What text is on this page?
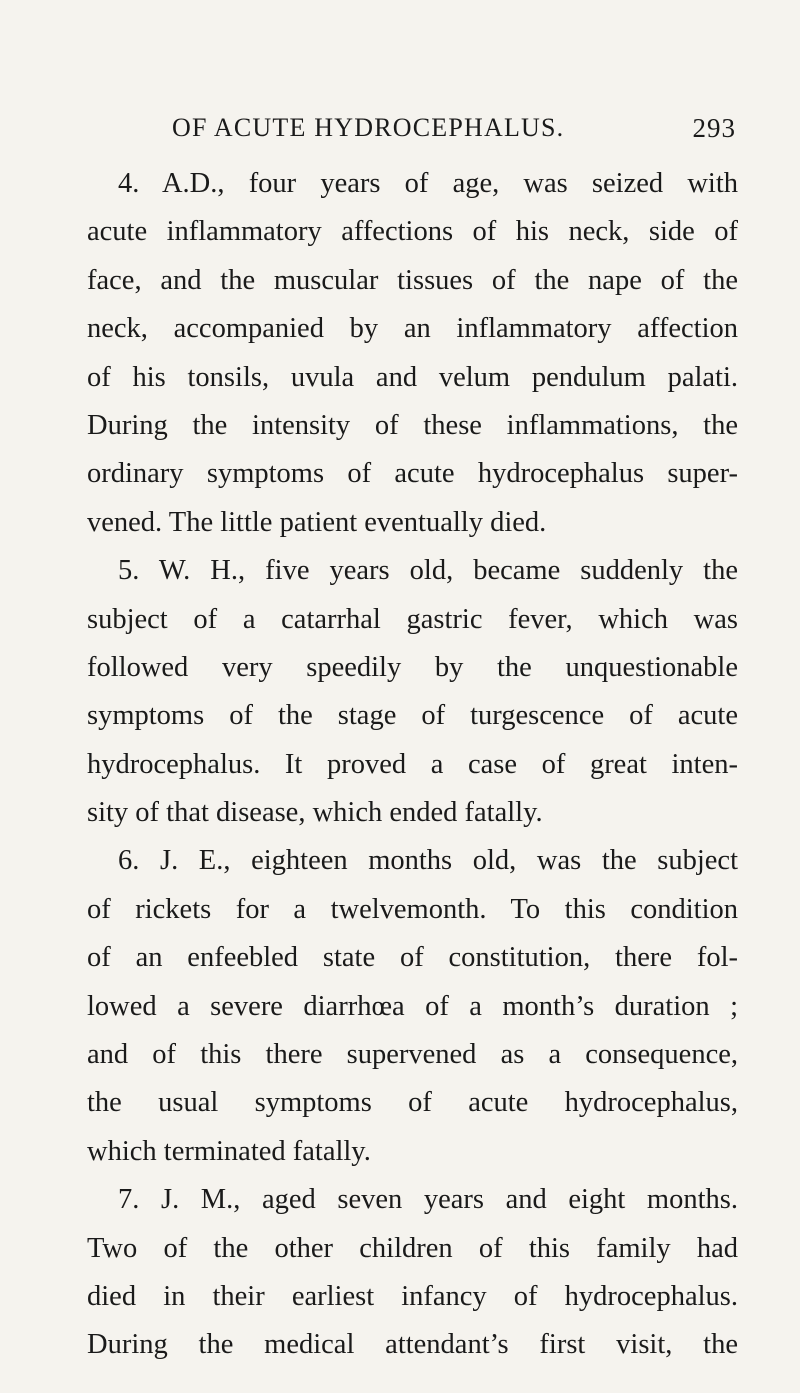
OF ACUTE HYDROCEPHALUS.	293
4. A.D., four years of age, was seized with
acute inflammatory affections of his neck, side of
face, and the muscular tissues of the nape of the
neck, accompanied by an inflammatory affection
of his tonsils, uvula and velum pendulum palati.
During the intensity of these inflammations, the
ordinary symptoms of acute hydrocephalus super-
vened. The little patient eventually died.
5. W. H., five years old, became suddenly the
subject of a catarrhal gastric fever, which was
followed very speedily by the unquestionable
symptoms of the stage of turgescence of acute
hydrocephalus. It proved a case of great inten-
sity of that disease, which ended fatally.
6. J. E., eighteen months old, was the subject
of rickets for a twelvemonth. To this condition
of an enfeebled state of constitution, there fol-
lowed a severe diarrhœa of a month’s duration ;
and of this there supervened as a consequence,
the usual symptoms of acute hydrocephalus,
which terminated fatally.
7. J. M., aged seven years and eight months.
Two of the other children of this family had
died in their earliest infancy of hydrocephalus.
During the medical attendant’s first visit, the
